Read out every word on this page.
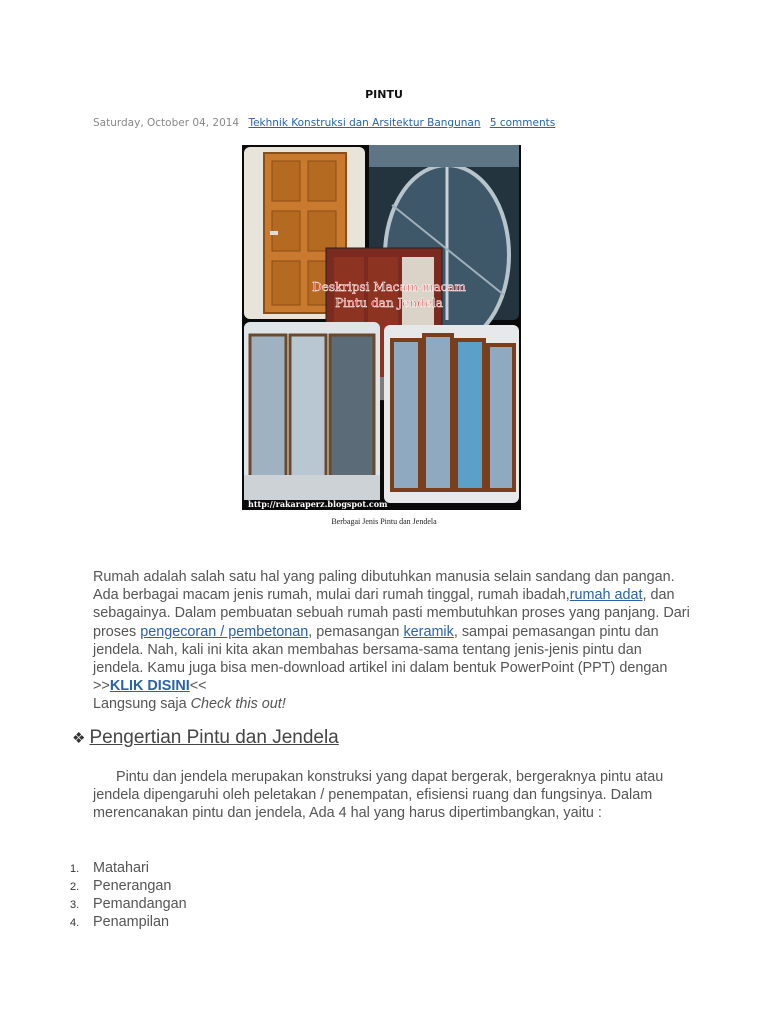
PINTU
Saturday, October 04, 2014 Tekhnik Konstruksi dan Arsitektur Bangunan 5 comments
Deskripsi Macam-macam
Pintu dan Jendela
http://rakaraperz.blogspot.com
Berbagai Jenis Pintu dan Jendela
Rumah adalah salah satu hal yang paling dibutuhkan manusia selain sandang dan pangan. Ada berbagai macam jenis rumah, mulai dari rumah tinggal, rumah ibadah,rumah adat, dan sebagainya. Dalam pembuatan sebuah rumah pasti membutuhkan proses yang panjang. Dari proses pengecoran / pembetonan, pemasangan keramik, sampai pemasangan pintu dan jendela. Nah, kali ini kita akan membahas bersama-sama tentang jenis-jenis pintu dan jendela. Kamu juga bisa men-download artikel ini dalam bentuk PowerPoint (PPT) dengan >>KLIK DISINI<<
Langsung saja Check this out!
❖ Pengertian Pintu dan Jendela
Pintu dan jendela merupakan konstruksi yang dapat bergerak, bergeraknya pintu atau jendela dipengaruhi oleh peletakan / penempatan, efisiensi ruang dan fungsinya. Dalam merencanakan pintu dan jendela, Ada 4 hal yang harus dipertimbangkan, yaitu :
1. Matahari
2. Penerangan
3. Pemandangan
4. Penampilan
